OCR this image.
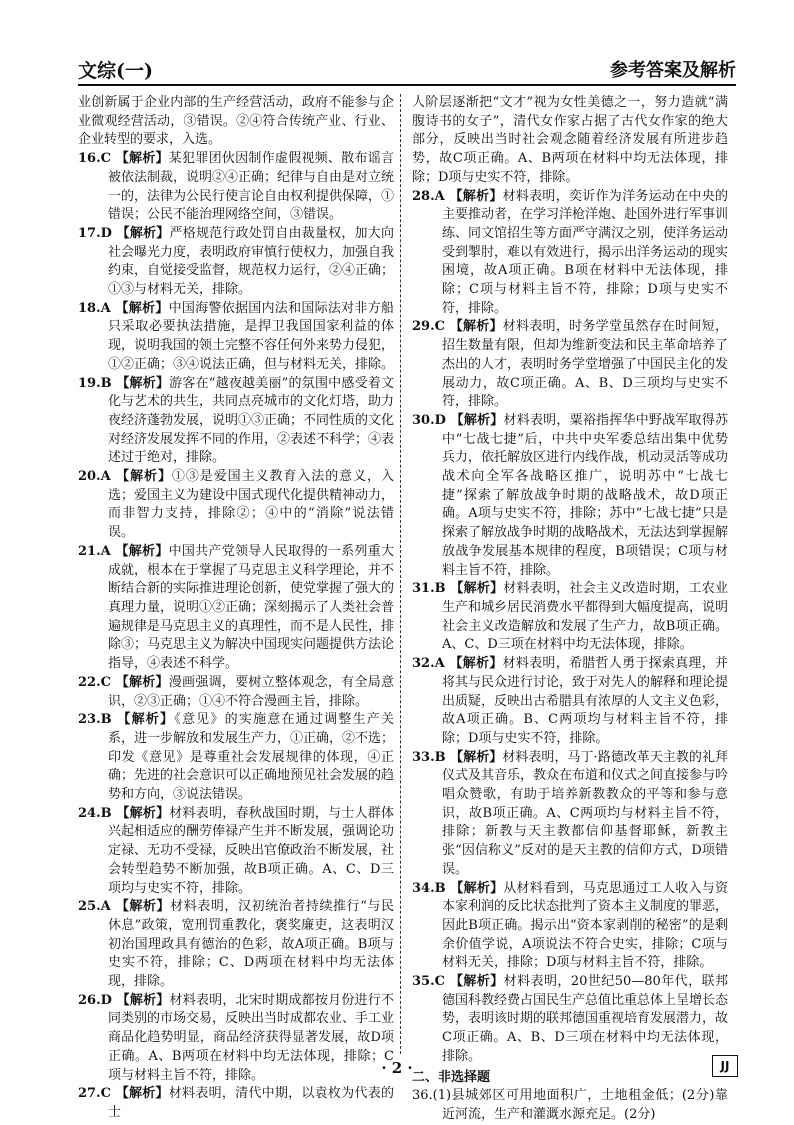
文综(一)	参考答案及解析

业创新属于企业内部的生产经营活动，政府不能参与企业微观经营活动，③错误。②④符合传统产业、行业、企业转型的要求，入选。

16.C 【解析】某犯罪团伙因制作虚假视频、散布谣言被依法制裁，说明②④正确；纪律与自由是对立统一的，法律为公民行使言论自由权利提供保障，①错误；公民不能治理网络空间，③错误。

17.D 【解析】严格规范行政处罚自由裁量权，加大向社会曝光力度，表明政府审慎行使权力，加强自我约束，自觉接受监督，规范权力运行，②④正确；①③与材料无关，排除。

18.A 【解析】中国海警依据国内法和国际法对非方船只采取必要执法措施，是捍卫我国国家利益的体现，说明我国的领土完整不容任何外来势力侵犯，①②正确；③④说法正确，但与材料无关，排除。

19.B 【解析】游客在“越夜越美丽”的氛围中感受着文化与艺术的共生，共同点亮城市的文化灯塔，助力夜经济蓬勃发展，说明①③正确；不同性质的文化对经济发展发挥不同的作用，②表述不科学；④表述过于绝对，排除。

20.A 【解析】①③是爱国主义教育入法的意义，入选；爱国主义为建设中国式现代化提供精神动力，而非智力支持，排除②；④中的“消除”说法错误。

21.A 【解析】中国共产党领导人民取得的一系列重大成就，根本在于掌握了马克思主义科学理论，并不断结合新的实际推进理论创新，使党掌握了强大的真理力量，说明①②正确；深刻揭示了人类社会普遍规律是马克思主义的真理性，而不是人民性，排除③；马克思主义为解决中国现实问题提供方法论指导，④表述不科学。

22.C 【解析】漫画强调，要树立整体观念，有全局意识，②③正确；①④不符合漫画主旨，排除。

23.B 【解析】《意见》的实施意在通过调整生产关系，进一步解放和发展生产力，①正确，②不选；印发《意见》是尊重社会发展规律的体现，④正确；先进的社会意识可以正确地预见社会发展的趋势和方向，③说法错误。

24.B 【解析】材料表明，春秋战国时期，与士人群体兴起相适应的酬劳俸禄产生并不断发展，强调论功定禄、无功不受禄，反映出官僚政治不断发展，社会转型趋势不断加强，故B项正确。A、C、D三项均与史实不符，排除。

25.A 【解析】材料表明，汉初统治者持续推行“与民休息”政策，宽刑罚重教化，褒奖廉吏，这表明汉初治国理政具有德治的色彩，故A项正确。B项与史实不符，排除；C、D两项在材料中均无法体现，排除。

26.D 【解析】材料表明，北宋时期成都按月份进行不同类别的市场交易，反映出当时成都农业、手工业商品化趋势明显，商品经济获得显著发展，故D项正确。A、B两项在材料中均无法体现，排除；C项与材料主旨不符，排除。

27.C 【解析】材料表明，清代中期，以袁枚为代表的士

人阶层逐渐把“文才”视为女性美德之一，努力造就“满腹诗书的女子”，清代女作家占据了古代女作家的绝大部分，反映出当时社会观念随着经济发展有所进步趋势，故C项正确。A、B两项在材料中均无法体现，排除；D项与史实不符，排除。

28.A 【解析】材料表明，奕䜣作为洋务运动在中央的主要推动者，在学习洋枪洋炮、赴国外进行军事训练、同文馆招生等方面严守满汉之别，使洋务运动受到掣肘，难以有效进行，揭示出洋务运动的现实困境，故A项正确。B项在材料中无法体现，排除；C项与材料主旨不符，排除；D项与史实不符，排除。

29.C 【解析】材料表明，时务学堂虽然存在时间短，招生数量有限，但却为维新变法和民主革命培养了杰出的人才，表明时务学堂增强了中国民主化的发展动力，故C项正确。A、B、D三项均与史实不符，排除。

30.D 【解析】材料表明，粟裕指挥华中野战军取得苏中“七战七捷”后，中共中央军委总结出集中优势兵力，依托解放区进行内线作战，机动灵活等成功战术向全军各战略区推广，说明苏中“七战七捷”探索了解放战争时期的战略战术，故D项正确。A项与史实不符，排除；苏中“七战七捷”只是探索了解放战争时期的战略战术，无法达到掌握解放战争发展基本规律的程度，B项错误；C项与材料主旨不符，排除。

31.B 【解析】材料表明，社会主义改造时期，工农业生产和城乡居民消费水平都得到大幅度提高，说明社会主义改造解放和发展了生产力，故B项正确。A、C、D三项在材料中均无法体现，排除。

32.A 【解析】材料表明，希腊哲人勇于探索真理，并将其与民众进行讨论，致于对先人的解释和理论提出质疑，反映出古希腊具有浓厚的人文主义色彩，故A项正确。B、C两项均与材料主旨不符，排除；D项与史实不符，排除。

33.B 【解析】材料表明，马丁·路德改革天主教的礼拜仪式及其音乐，教众在布道和仪式之间直接参与吟唱众赞歌，有助于培养新教教众的平等和参与意识，故B项正确。A、C两项均与材料主旨不符，排除；新教与天主教都信仰基督耶稣，新教主张“因信称义”反对的是天主教的信仰方式，D项错误。

34.B 【解析】从材料看到，马克思通过工人收入与资本家利润的反比状态批判了资本主义制度的罪恶，因此B项正确。揭示出“资本家剥削的秘密”的是剩余价值学说，A项说法不符合史实，排除；C项与材料无关，排除；D项与材料主旨不符，排除。

35.C 【解析】材料表明，20世纪50—80年代，联邦德国科教经费占国民生产总值比重总体上呈增长态势，表明该时期的联邦德国重视培育发展潜力，故C项正确。A、B、D三项在材料中均无法体现，排除。

二、非选择题

36.(1)县城郊区可用地面积广，土地租金低；(2分)靠近河流，生产和灌溉水源充足。(2分)

· 2 ·	JJ
